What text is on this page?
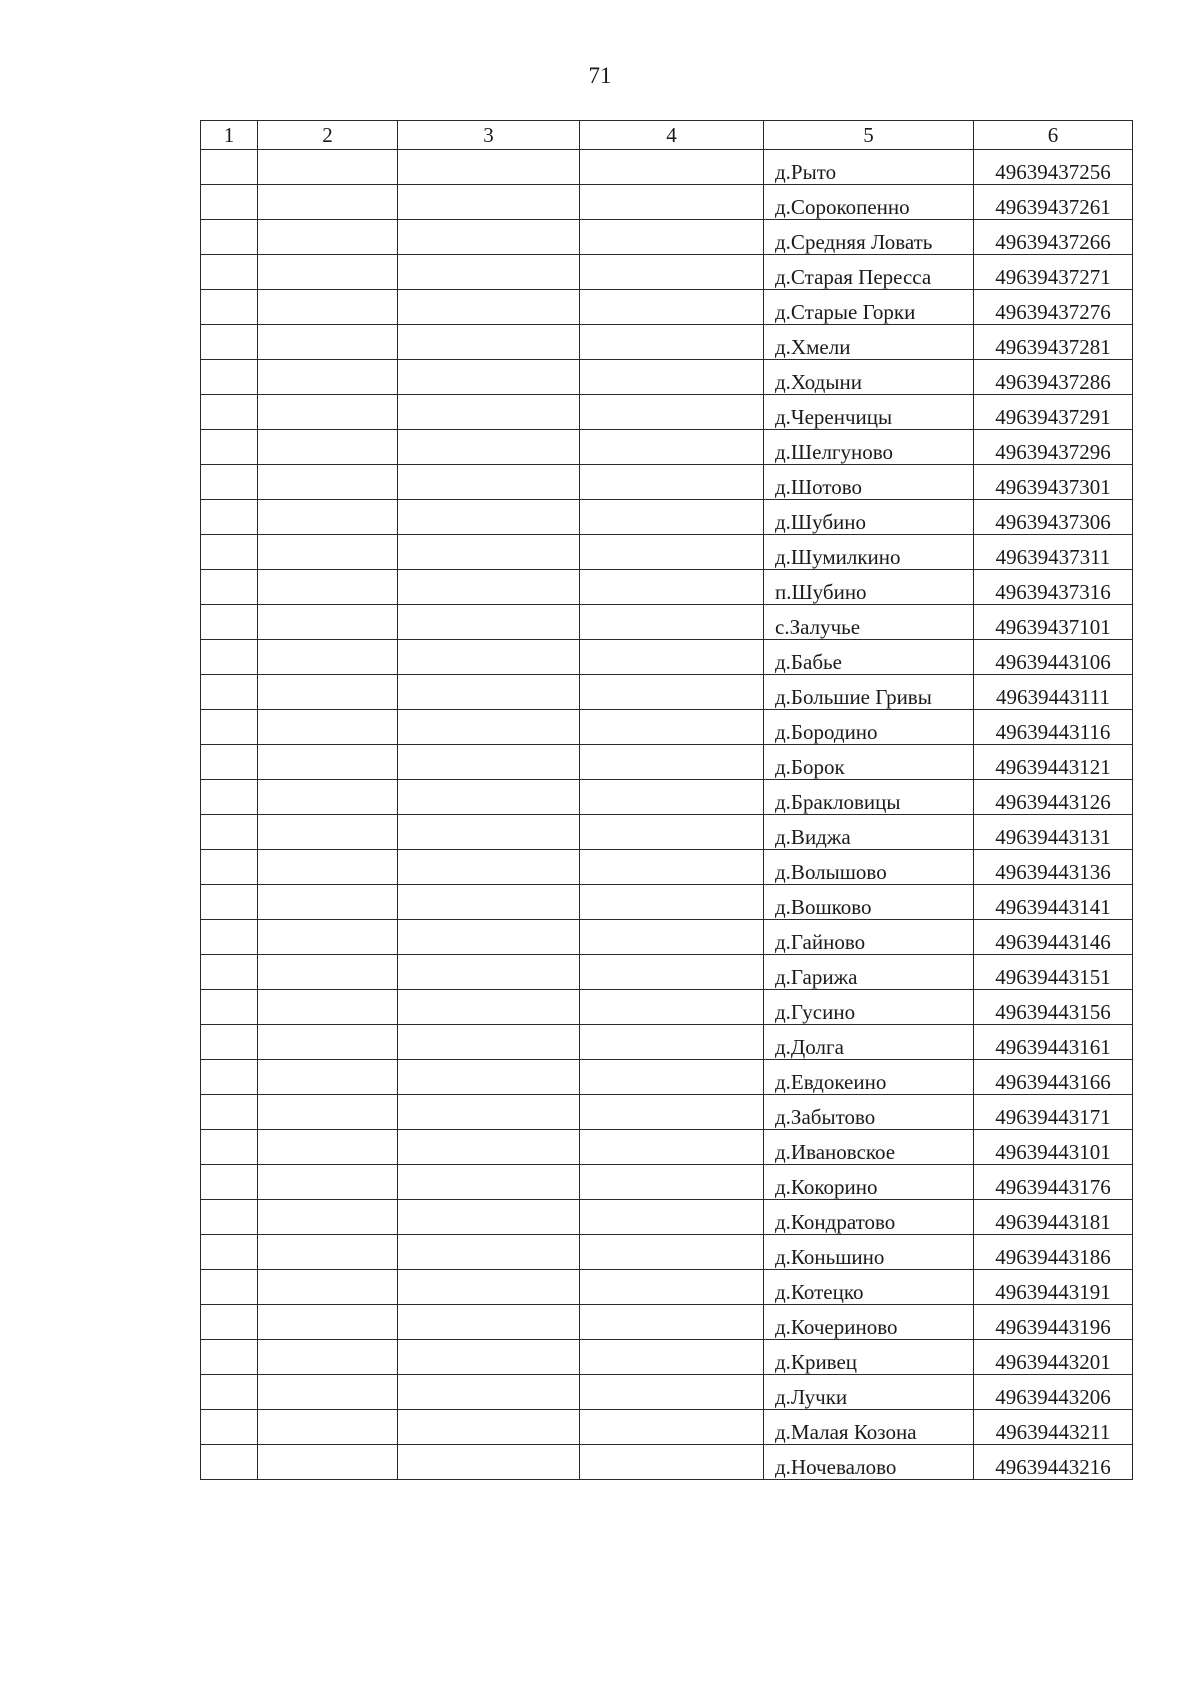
71
1	2	3	4	5	6
				д.Рыто	49639437256
				д.Сорокопенно	49639437261
				д.Средняя Ловать	49639437266
				д.Старая Пересса	49639437271
				д.Старые Горки	49639437276
				д.Хмели	49639437281
				д.Ходыни	49639437286
				д.Черенчицы	49639437291
				д.Шелгуново	49639437296
				д.Шотово	49639437301
				д.Шубино	49639437306
				д.Шумилкино	49639437311
				п.Шубино	49639437316
				с.Залучье	49639437101
				д.Бабье	49639443106
				д.Большие Гривы	49639443111
				д.Бородино	49639443116
				д.Борок	49639443121
				д.Бракловицы	49639443126
				д.Виджа	49639443131
				д.Волышово	49639443136
				д.Вошково	49639443141
				д.Гайново	49639443146
				д.Гарижа	49639443151
				д.Гусино	49639443156
				д.Долга	49639443161
				д.Евдокеино	49639443166
				д.Забытово	49639443171
				д.Ивановское	49639443101
				д.Кокорино	49639443176
				д.Кондратово	49639443181
				д.Коньшино	49639443186
				д.Котецко	49639443191
				д.Кочериново	49639443196
				д.Кривец	49639443201
				д.Лучки	49639443206
				д.Малая Козона	49639443211
				д.Ночевалово	49639443216
